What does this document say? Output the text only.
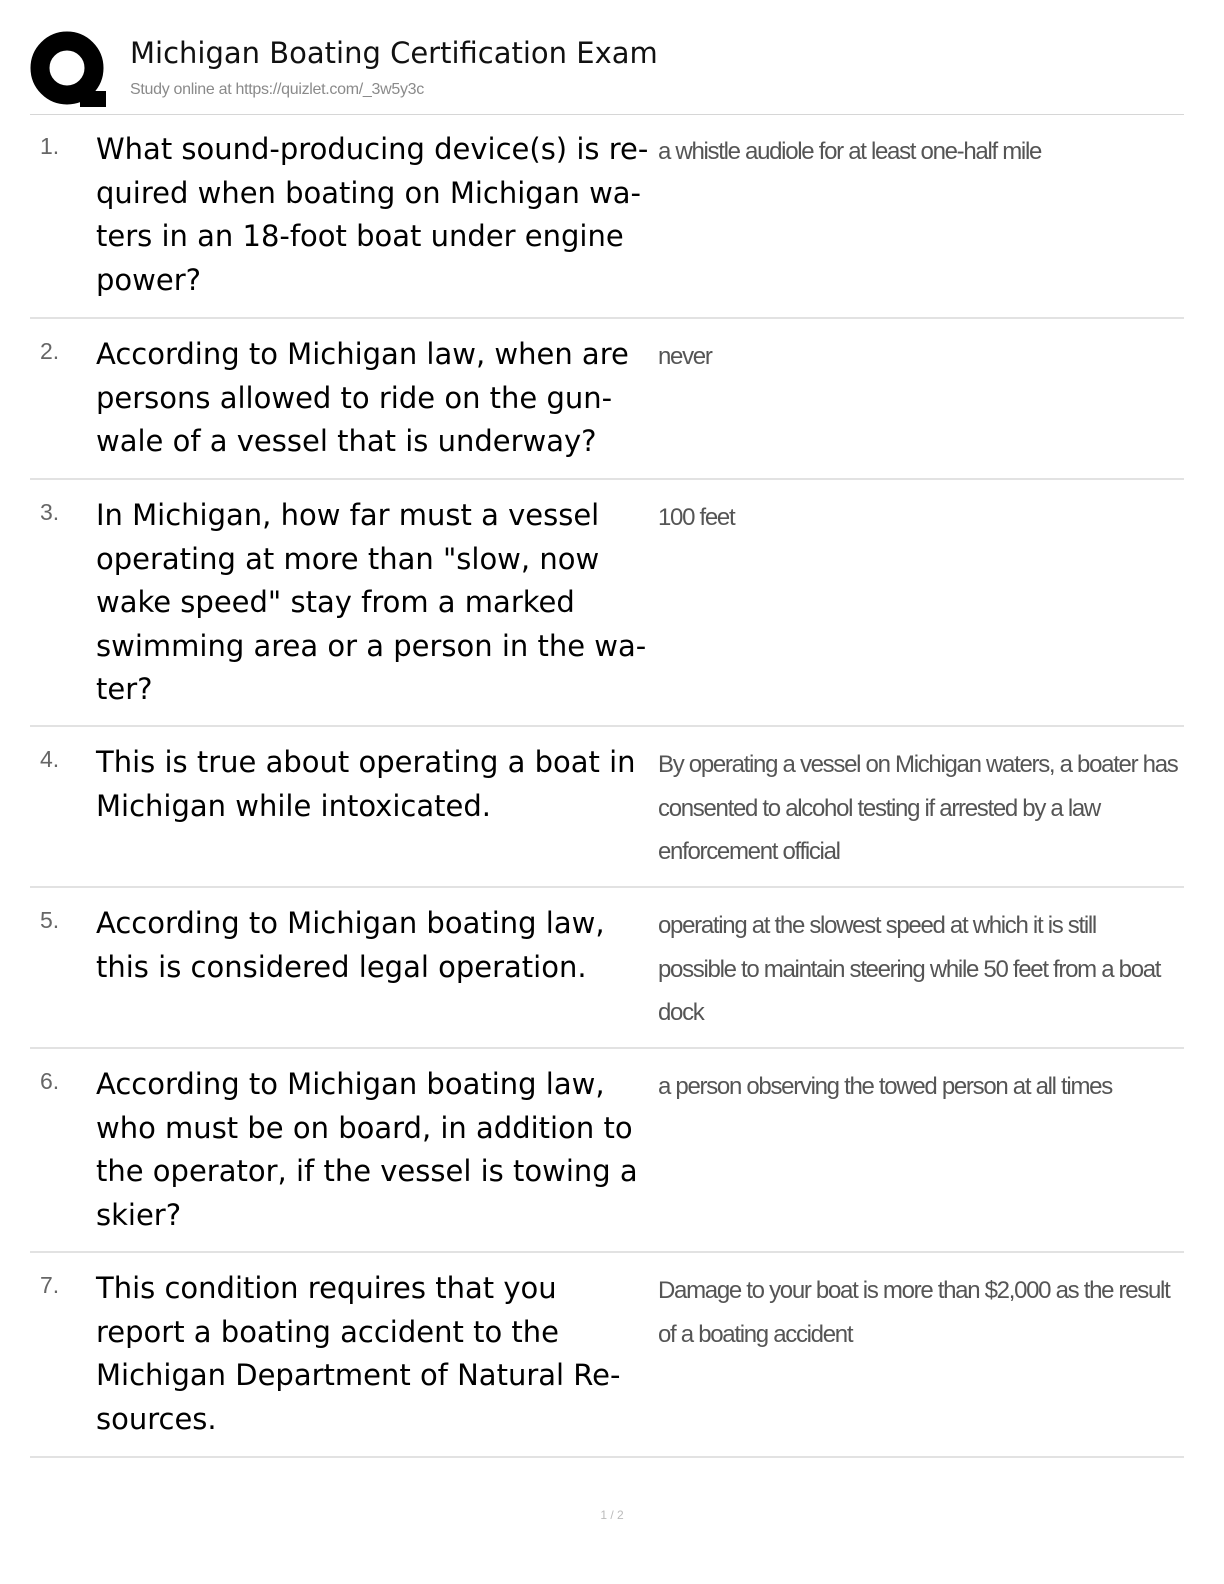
Michigan Boating Certification Exam
Study online at https://quizlet.com/_3w5y3c
1. What sound-producing device(s) is re-quired when boating on Michigan wa-ters in an 18-foot boat under engine power?
a whistle audiole for at least one-half mile
2. According to Michigan law, when are persons allowed to ride on the gun-wale of a vessel that is underway?
never
3. In Michigan, how far must a vessel operating at more than "slow, now wake speed" stay from a marked swimming area or a person in the wa-ter?
100 feet
4. This is true about operating a boat in Michigan while intoxicated.
By operating a vessel on Michigan waters, a boater has consented to alcohol testing if arrested by a law enforcement official
5. According to Michigan boating law, this is considered legal operation.
operating at the slowest speed at which it is still possible to maintain steering while 50 feet from a boat dock
6. According to Michigan boating law, who must be on board, in addition to the operator, if the vessel is towing a skier?
a person observing the towed person at all times
7. This condition requires that you report a boating accident to the Michigan Department of Natural Re-sources.
Damage to your boat is more than $2,000 as the result of a boating accident
1 / 2
